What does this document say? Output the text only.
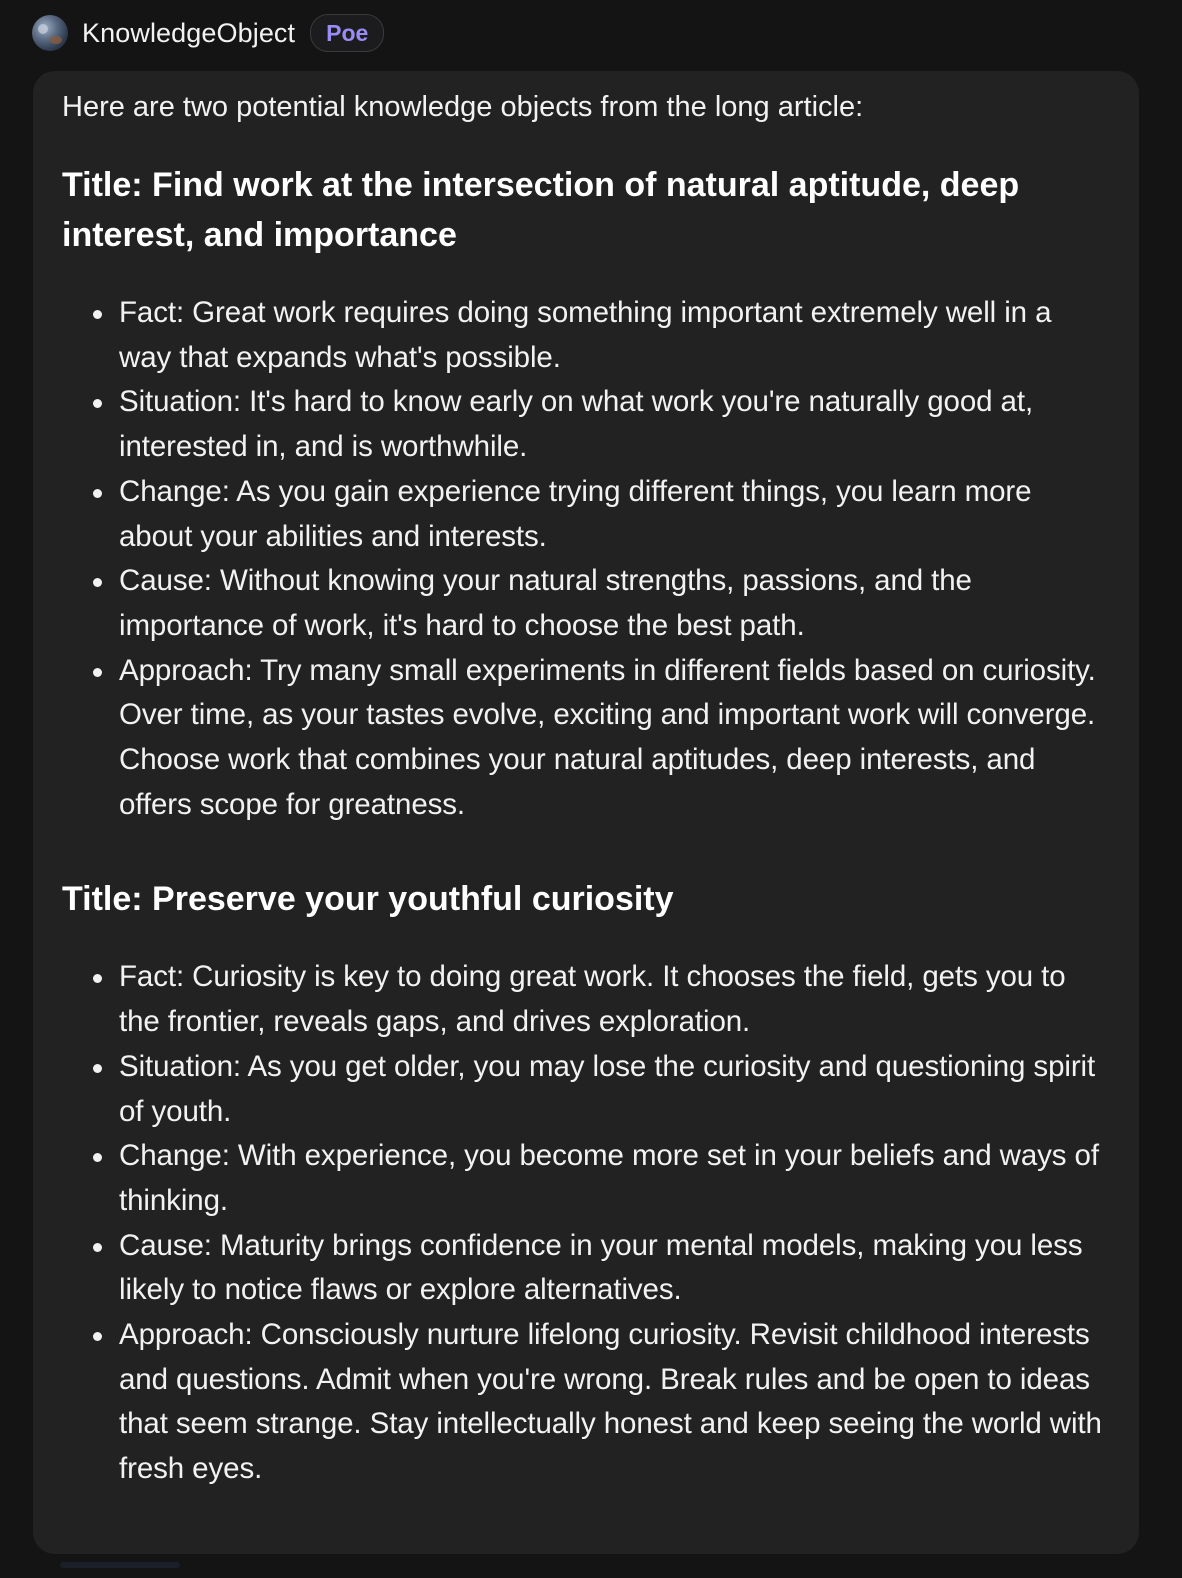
KnowledgeObject	Poe

Here are two potential knowledge objects from the long article:

Title: Find work at the intersection of natural aptitude, deep interest, and importance
Fact: Great work requires doing something important extremely well in a way that expands what's possible.
Situation: It's hard to know early on what work you're naturally good at, interested in, and is worthwhile.
Change: As you gain experience trying different things, you learn more about your abilities and interests.
Cause: Without knowing your natural strengths, passions, and the importance of work, it's hard to choose the best path.
Approach: Try many small experiments in different fields based on curiosity. Over time, as your tastes evolve, exciting and important work will converge. Choose work that combines your natural aptitudes, deep interests, and offers scope for greatness.
Title: Preserve your youthful curiosity
Fact: Curiosity is key to doing great work. It chooses the field, gets you to the frontier, reveals gaps, and drives exploration.
Situation: As you get older, you may lose the curiosity and questioning spirit of youth.
Change: With experience, you become more set in your beliefs and ways of thinking.
Cause: Maturity brings confidence in your mental models, making you less likely to notice flaws or explore alternatives.
Approach: Consciously nurture lifelong curiosity. Revisit childhood interests and questions. Admit when you're wrong. Break rules and be open to ideas that seem strange. Stay intellectually honest and keep seeing the world with fresh eyes.
